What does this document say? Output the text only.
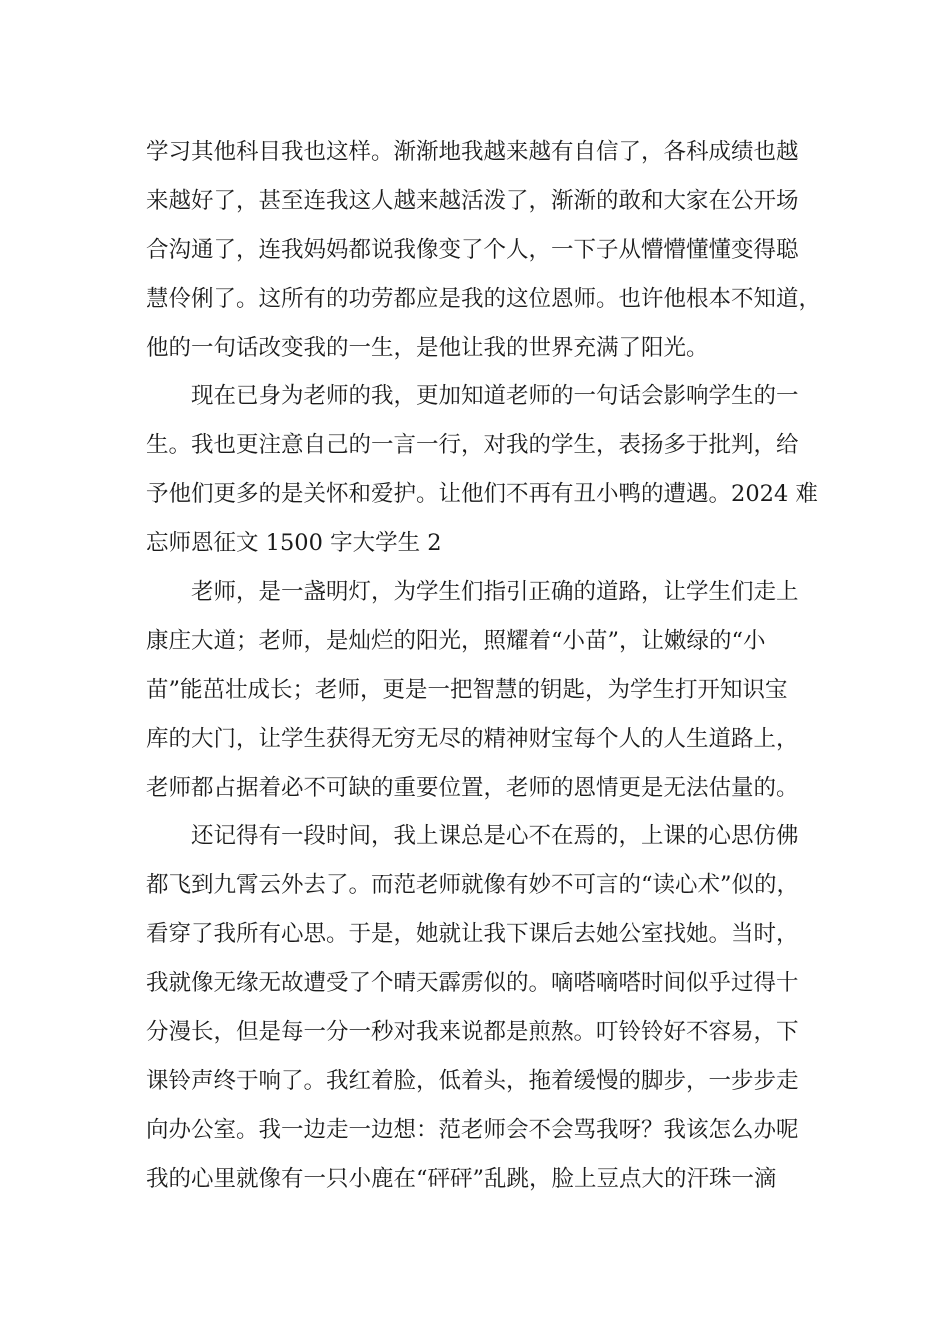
学习其他科目我也这样。渐渐地我越来越有自信了，各科成绩也越
来越好了，甚至连我这人越来越活泼了，渐渐的敢和大家在公开场
合沟通了，连我妈妈都说我像变了个人，一下子从懵懵懂懂变得聪
慧伶俐了。这所有的功劳都应是我的这位恩师。也许他根本不知道，
他的一句话改变我的一生，是他让我的世界充满了阳光。
现在已身为老师的我，更加知道老师的一句话会影响学生的一
生。我也更注意自己的一言一行，对我的学生，表扬多于批判，给
予他们更多的是关怀和爱护。让他们不再有丑小鸭的遭遇。2024 难
忘师恩征文 1500 字大学生 2
老师，是一盏明灯，为学生们指引正确的道路，让学生们走上
康庄大道；老师，是灿烂的阳光，照耀着“小苗”，让嫩绿的“小
苗”能茁壮成长；老师，更是一把智慧的钥匙，为学生打开知识宝
库的大门，让学生获得无穷无尽的精神财宝每个人的人生道路上，
老师都占据着必不可缺的重要位置，老师的恩情更是无法估量的。
还记得有一段时间，我上课总是心不在焉的，上课的心思仿佛
都飞到九霄云外去了。而范老师就像有妙不可言的“读心术”似的，
看穿了我所有心思。于是，她就让我下课后去她公室找她。当时，
我就像无缘无故遭受了个晴天霹雳似的。嘀嗒嘀嗒时间似乎过得十
分漫长，但是每一分一秒对我来说都是煎熬。叮铃铃好不容易，下
课铃声终于响了。我红着脸，低着头，拖着缓慢的脚步，一步步走
向办公室。我一边走一边想：范老师会不会骂我呀？我该怎么办呢
我的心里就像有一只小鹿在“砰砰”乱跳，脸上豆点大的汗珠一滴
